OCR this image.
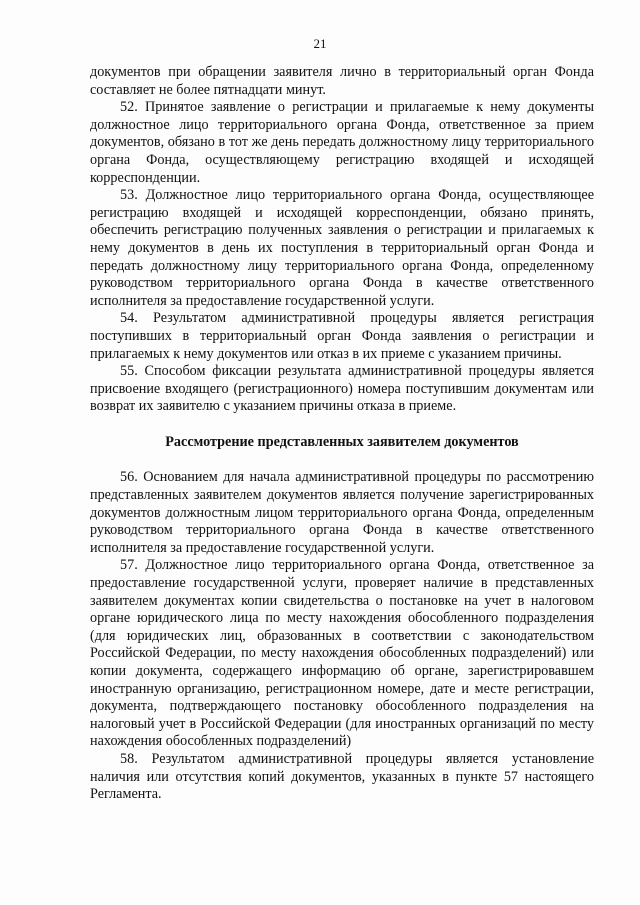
21

документов при обращении заявителя лично в территориальный орган Фонда составляет не более пятнадцати минут.

52. Принятое заявление о регистрации и прилагаемые к нему документы должностное лицо территориального органа Фонда, ответственное за прием документов, обязано в тот же день передать должностному лицу территориального органа Фонда, осуществляющему регистрацию входящей и исходящей корреспонденции.

53. Должностное лицо территориального органа Фонда, осуществляющее регистрацию входящей и исходящей корреспонденции, обязано принять, обеспечить регистрацию полученных заявления о регистрации и прилагаемых к нему документов в день их поступления в территориальный орган Фонда и передать должностному лицу территориального органа Фонда, определенному руководством территориального органа Фонда в качестве ответственного исполнителя за предоставление государственной услуги.

54. Результатом административной процедуры является регистрация поступивших в территориальный орган Фонда заявления о регистрации и прилагаемых к нему документов или отказ в их приеме с указанием причины.

55. Способом фиксации результата административной процедуры является присвоение входящего (регистрационного) номера поступившим документам или возврат их заявителю с указанием причины отказа в приеме.

Рассмотрение представленных заявителем документов

56. Основанием для начала административной процедуры по рассмотрению представленных заявителем документов является получение зарегистрированных документов должностным лицом территориального органа Фонда, определенным руководством территориального органа Фонда в качестве ответственного исполнителя за предоставление государственной услуги.

57. Должностное лицо территориального органа Фонда, ответственное за предоставление государственной услуги, проверяет наличие в представленных заявителем документах копии свидетельства о постановке на учет в налоговом органе юридического лица по месту нахождения обособленного подразделения (для юридических лиц, образованных в соответствии с законодательством Российской Федерации, по месту нахождения обособленных подразделений) или копии документа, содержащего информацию об органе, зарегистрировавшем иностранную организацию, регистрационном номере, дате и месте регистрации, документа, подтверждающего постановку обособленного подразделения на налоговый учет в Российской Федерации (для иностранных организаций по месту нахождения обособленных подразделений)

58. Результатом административной процедуры является установление наличия или отсутствия копий документов, указанных в пункте 57 настоящего Регламента.
